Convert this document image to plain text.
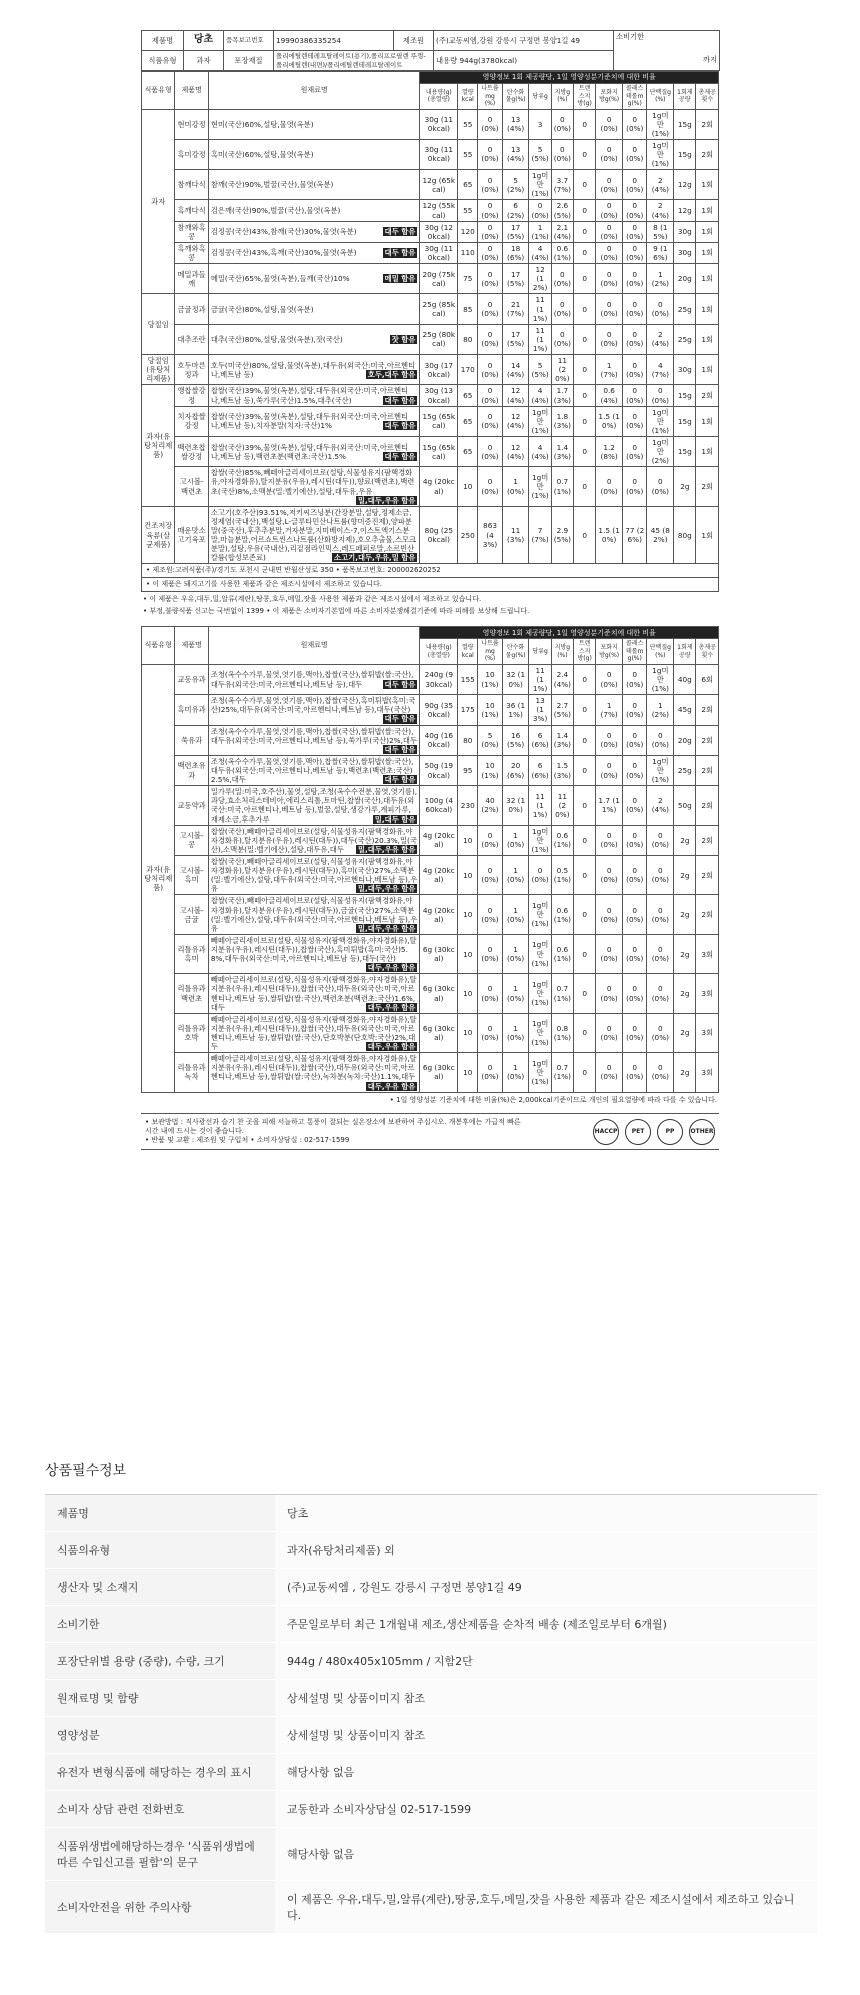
제품명	당초	품목보고번호	19990386335254	제조원	(주)교동씨엠,강원 강릉시 구정면 봉양1길 49	소비기한
까지

식품유형	과자	포장재질	폴리에틸렌테레프탈레이트(용기),폴리프로필렌 뚜껑-폴리에틸렌(내면)/폴리에틸렌테레프탈레이트		내용량 944g(3780kcal)	
식품유형	제품명	원재료명	영양정보 1회 제공량당, 1일 영양성분기준치에 대한 비율											
			내용량(g)(총열량)	열량kcal	나트륨mg(%)	탄수화물g(%)	당류g	지방g(%)	트랜스지방(g)	포화지방g(%)	콜레스테롤mg(%)	단백질g(%)	1회제공량	총제공횟수
과자	현미강정	현미(국산)60%,설탕,물엿(옥분)	30g (110kcal)	55	0 (0%)	13 (4%)	3	0 (0%)	0	0 (0%)	0 (0%)	1g미만 (1%)	15g	2회
	흑미강정	흑미(국산)60%,설탕,물엿(옥분)	30g (110kcal)	55	0 (0%)	13 (4%)	5 (5%)	0 (0%)	0	0 (0%)	0 (0%)	1g미만 (1%)	15g	2회
	참깨다식	참깨(국산)90%,벌꿀(국산),물엿(옥분)	12g (65kcal)	65	0 (0%)	5 (2%)	1g미만 (1%)	3.7 (7%)	0	0 (0%)	0 (0%)	2 (4%)	12g	1회
	흑깨다식	검은깨(국산)90%,벌꿀(국산),물엿(옥분)	12g (55kcal)	55	0 (0%)	6 (2%)	0 (0%)	2.6 (5%)	0	0 (0%)	0 (0%)	2 (4%)	12g	1회
	참깨와흑콩	검정콩(국산)43%,참깨(국산)30%,물엿(옥분) 대두 함유	30g (120kcal)	120	0 (0%)	17 (5%)	1 (1%)	2.1 (4%)	0	0 (0%)	0 (0%)	8 (15%)	30g	1회
	흑깨와흑콩	검정콩(국산)43%,흑깨(국산)30%,물엿(옥분) 대두 함유	30g (110kcal)	110	0 (0%)	18 (6%)	4 (4%)	0.6 (1%)	0	0 (0%)	0 (0%)	9 (16%)	30g	1회
	메밀과들깨	메밀(국산)65%,물엿(옥분),들깨(국산)10% 메밀 함유	20g (75kcal)	75	0 (0%)	17 (5%)	12 (12%)	0 (0%)	0	0 (0%)	0 (0%)	1 (2%)	20g	1회
당절임	금귤정과	금귤(국산)80%,설탕,물엿(옥분)	25g (85kcal)	85	0 (0%)	21 (7%)	11 (11%)	0 (0%)	0	0 (0%)	0 (0%)	0 (0%)	25g	1회
	대추조란	대추(국산)80%,설탕,물엿(옥분),잣(국산) 잣 함유	25g (80kcal)	80	0 (0%)	17 (5%)	11 (11%)	0 (0%)	0	0 (0%)	0 (0%)	2 (4%)	25g	1회
당절임(유탕처리제품)	호두마른정과	호두(미국산)80%,설탕,물엿(옥분),대두유(외국산:미국,아르헨티나,베트남 등) 호두,대두 함유	30g (170kcal)	170	0 (0%)	14 (4%)	5 (5%)	11 (20%)	0	1 (7%)	0 (0%)	4 (7%)	30g	1회
과자(유탕처리제품)	앵찹쌀강정	찹쌀(국산)39%,물엿(옥분),설탕,대두유(외국산:미국,아르헨티나,베트남 등),쑥가루(국산)1.5%,대추(국산) 대두 함유	30g (130kcal)	65	0 (0%)	12 (4%)	4 (4%)	1.7 (3%)	0	0.6 (4%)	0 (0%)	0 (0%)	15g	2회
	치자찹쌀강정	찹쌀(국산)39%,물엿(옥분),설탕,대두유(외국산:미국,아르헨티나,베트남 등),치자분말(치자:국산)1% 대두 함유	15g (65kcal)	65	0 (0%)	12 (4%)	1g미만 (1%)	1.8 (3%)	0	1.5 (10%)	0 (0%)	1g미만 (1%)	15g	1회
	백련초찹쌀강정	찹쌀(국산)39%,물엿(옥분),설탕,대두유(외국산:미국,아르헨티나,베트남 등),백련초분(백련초:국산)1.5% 대두 함유	15g (65kcal)	65	0 (0%)	12 (4%)	4 (4%)	1.4 (3%)	0	1.2 (8%)	0 (0%)	1g미만 (2%)	15g	1회
	고시볼-백련초	찹쌀(국산)85%,빼떼아글리세이브로(설탕,식물성유지(팜핵경화유,야자경화유),탈지분유(우유),레시틴(대두)),향료(백련초),백련초(국산)8%,소맥분(밀:벨기에산),설탕,대두유,우유
밀,대두,우유 함유	4g (20kcal)	10	0 (0%)	1 (0%)	1g미만 (1%)	0.7 (1%)	0	0 (0%)	0 (0%)	0 (0%)	2g	2회
건조저장육류(살균제품)	매운맛소고기육포	소고기(호주산)93.51%,저키씨즈닝분(간장분말,설탕,정제소금,정제염(국내산),백설탕,L-글루타민산나트륨(향미증진제),양파분말(중국산),후추추분말,거자분말,지미베이스-7,이스트엑기스분말,마늘분말,어르쇼트씬스나트륨(산화방지제),호오추출물,스모크분말),설탕,우유(국내산),리겉점라인믹스,레드페퍼로말,소르빈산칼륨(합성보존료) 소고기,대두,우유,밀 함유	80g (250kcal)	250	863 (43%)	11 (3%)	7 (7%)	2.9 (5%)	0	1.5 (10%)	77 (26%)	45 (82%)	80g	1회
• 제조원:고려식품(주)/경기도 포천시 군내면 반월산성로 350 • 품목보고번호: 200002620252
• 이 제품은 돼지고기를 사용한 제품과 같은 제조시설에서 제조하고 있습니다.
• 이 제품은 우유,대두,밀,알류(계란),땅콩,호두,메밀,잣을 사용한 제품과 같은 제조시설에서 제조하고 있습니다.
• 부정,불량식품 신고는 국번없이 1399 • 이 제품은 소비자기본법에 따른 소비자분쟁해결기준에 따라 피해를 보상해 드립니다.
식품유형	제품명	원재료명	영양정보 1회 제공량당, 1일 영양성분기준치에 대한 비율											
			내용량(g)(총열량)	열량kcal	나트륨mg(%)	탄수화물g(%)	당류g	지방g(%)	트랜스지방(g)	포화지방g(%)	콜레스테롤mg(%)	단백질g(%)	1회제공량	총제공횟수
과자(유탕처리제품)	교동유과	조청(옥수수가루,물엿,엿기름,맥아),찹쌀(국산),쌀튀밥(쌀:국산),대두유(외국산:미국,아르헨티나,베트남 등),대두 대두 함유	240g (930kcal)	155	10 (1%)	32 (10%)	11 (11%)	2.4 (4%)	0	0 (0%)	0 (0%)	1g미만 (1%)	40g	6회
	흑미유과	조청(옥수수가루,물엿,엿기름,맥아),찹쌀(국산),흑미튀밥(흑미:국산)25%,대두유(외국산:미국,아르헨티나,베트남 등),대두(국산)
대두 함유	90g (350kcal)	175	10 (1%)	36 (11%)	13 (13%)	2.7 (5%)	0	1 (7%)	0 (0%)	1 (2%)	45g	2회
	쑥유과	조청(옥수수가루,물엿,엿기름,맥아),찹쌀(국산),쌀튀밥(쌀:국산),대두유(외국산:미국,아르헨티나,베트남 등),쑥가루(국산)2%,대두
대두 함유	40g (160kcal)	80	5 (0%)	16 (5%)	6 (6%)	1.4 (3%)	0	0 (0%)	0 (0%)	0 (0%)	20g	2회
	백련초유과	조청(옥수수가루,물엿,엿기름,맥아),찹쌀(국산),쌀튀밥(쌀:국산),대두유(외국산:미국,아르헨티나,베트남 등),백련초(백련초:국산)2.5%,대두 대두 함유	50g (190kcal)	95	10 (1%)	20 (6%)	6 (6%)	1.5 (3%)	0	0 (0%)	0 (0%)	1g미만 (1%)	25g	2회
	교동약과	밀가루(밀:미국,호주산),물엿,설탕,조청(옥수수전분,물엿,엿기름),과당,효소처리스테비아,에리스리톨,토마틴,찹쌀(국산),대두유(외국산:미국,아르헨티나,베트남 등),벌꿀,설탕,생강가루,계피가루,재제소금,후추가루 밀,대두 함유	100g (460kcal)	230	40 (2%)	32 (10%)	11 (11%)	11 (20%)	0	1.7 (11%)	0 (0%)	2 (4%)	50g	2회
	고시볼-콩	찹쌀(국산),빼떼아글리세이브로(설탕,식물성유지(팜핵경화유,야자경화유),탈지분유(우유),레시틴(대두)),대두(국산)20.3%,밀(국산),소맥분(밀:벨기에산),설탕,대두유,대두 밀,대두,우유 함유	4g (20kcal)	10	0 (0%)	1 (0%)	1g미만 (1%)	0.6 (1%)	0	0 (0%)	0 (0%)	0 (0%)	2g	2회
	고시볼-흑미	찹쌀(국산),빼떼아글리세이브로(설탕,식물성유지(팜핵경화유,야자경화유),탈지분유(우유),레시틴(대두)),흑미(국산)27%,소맥분(밀:벨기에산),설탕,대두유(외국산:미국,아르헨티나,베트남 등),우유 밀,대두,우유 함유	4g (20kcal)	10	0 (0%)	1 (0%)	0 (0%)	0.5 (1%)	0	0 (0%)	0 (0%)	0 (0%)	2g	2회
	고시볼-금귤	찹쌀(국산),빼떼아글리세이브로(설탕,식물성유지(팜핵경화유,야자경화유),탈지분유(우유),레시틴(대두)),금귤(국산)27%,소맥분(밀:벨기에산),설탕,대두유(외국산:미국,아르헨티나,베트남 등),우유 밀,대두,우유 함유	4g (20kcal)	10	0 (0%)	1 (0%)	1g미만 (1%)	0.6 (1%)	0	0 (0%)	0 (0%)	0 (0%)	2g	2회
	리틀유과흑미	빼떼아글리세이브로(설탕,식물성유지(팜핵경화유,야자경화유),탈지분유(우유),레시틴(대두)),찹쌀(국산),흑미튀밥(흑미:국산)5.8%,대두유(외국산:미국,아르헨티나,베트남 등),대두(국산)
대두,우유 함유	6g (30kcal)	10	0 (0%)	1 (0%)	1g미만 (1%)	0.6 (1%)	0	0 (0%)	0 (0%)	0 (0%)	2g	3회
	리틀유과백련초	빼떼아글리세이브로(설탕,식물성유지(팜핵경화유,야자경화유),탈지분유(우유),레시틴(대두)),찹쌀(국산),대두유(외국산:미국,아르헨티나,베트남 등),쌀튀밥(쌀:국산),백련초분(백련초:국산)1.6%,대두 대두,우유 함유	6g (30kcal)	10	0 (0%)	1 (0%)	1g미만 (1%)	0.7 (1%)	0	0 (0%)	0 (0%)	0 (0%)	2g	3회
	리틀유과호박	빼떼아글리세이브로(설탕,식물성유지(팜핵경화유,야자경화유),탈지분유(우유),레시틴(대두)),찹쌀(국산),대두유(외국산:미국,아르헨티나,베트남 등),쌀튀밥(쌀:국산),단호박분(단호박:국산)2%,대두 대두,우유 함유	6g (30kcal)	10	0 (0%)	1 (0%)	1g미만 (1%)	0.8 (1%)	0	0 (0%)	0 (0%)	0 (0%)	2g	3회
	리틀유과녹차	빼떼아글리세이브로(설탕,식물성유지(팜핵경화유,야자경화유),탈지분유(우유),레시틴(대두)),찹쌀(국산),대두유(외국산:미국,아르헨티나,베트남 등),쌀튀밥(쌀:국산),녹차분(녹차:국산)1.1%,대두
대두,우유 함유	6g (30kcal)	10	0 (0%)	1 (0%)	1g미만 (1%)	0.7 (1%)	0	0 (0%)	0 (0%)	0 (0%)	2g	3회
• 1일 영양성분 기준치에 대한 비율(%)은 2,000kcal기준이므로 개인의 필요열량에 따라 다를 수 있습니다.
• 보관방법 : 직사광선과 습기 찬 곳을 피해 서늘하고 통풍이 잘되는 실온장소에 보관하여 주십시오. 개봉후에는 가급적 빠른 시간 내에 드시는 것이 좋습니다.
• 반품 및 교환 : 제조원 및 구입처 • 소비자상담실 : 02-517-1599
HACCP	PET	PP	OTHER
상품필수정보
제품명	당초
식품의유형	과자(유탕처리제품) 외
생산자 및 소재지	(주)교동씨엠 , 강원도 강릉시 구정면 봉양1길 49
소비기한	주문일로부터 최근 1개월내 제조,생산제품을 순차적 배송 (제조일로부터 6개월)
포장단위별 용량 (중량), 수량, 크기	944g / 480x405x105mm / 지함2단
원재료명 및 함량	상세설명 및 상품이미지 참조
영양성분	상세설명 및 상품이미지 참조
유전자 변형식품에 해당하는 경우의 표시	해당사항 없음
소비자 상담 관련 전화번호	교동한과 소비자상담실 02-517-1599
식품위생법에해당하는경우 '식품위생법에 따른 수입신고를 필함'의 문구	해당사항 없음
소비자안전을 위한 주의사항	이 제품은 우유,대두,밀,알류(계란),땅콩,호두,메밀,잣을 사용한 제품과 같은 제조시설에서 제조하고 있습니다.
